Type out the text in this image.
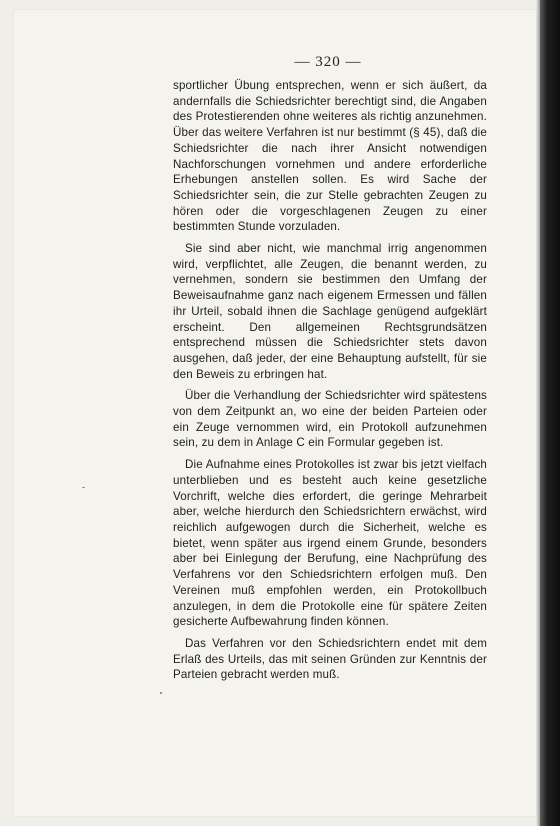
— 320 —

sportlicher Übung entsprechen, wenn er sich äußert, da andernfalls die Schiedsrichter berechtigt sind, die Angaben des Protestierenden ohne weiteres als richtig anzunehmen. Über das weitere Verfahren ist nur bestimmt (§ 45), daß die Schiedsrichter die nach ihrer Ansicht notwendigen Nachforschungen vornehmen und andere erforderliche Erhebungen anstellen sollen. Es wird Sache der Schiedsrichter sein, die zur Stelle gebrachten Zeugen zu hören oder die vorgeschlagenen Zeugen zu einer bestimmten Stunde vorzuladen.

Sie sind aber nicht, wie manchmal irrig angenommen wird, verpflichtet, alle Zeugen, die benannt werden, zu vernehmen, sondern sie bestimmen den Umfang der Beweisaufnahme ganz nach eigenem Ermessen und fällen ihr Urteil, sobald ihnen die Sachlage genügend aufgeklärt erscheint. Den allgemeinen Rechtsgrundsätzen entsprechend müssen die Schiedsrichter stets davon ausgehen, daß jeder, der eine Behauptung aufstellt, für sie den Beweis zu erbringen hat.

Über die Verhandlung der Schiedsrichter wird spätestens von dem Zeitpunkt an, wo eine der beiden Parteien oder ein Zeuge vernommen wird, ein Protokoll aufzunehmen sein, zu dem in Anlage C ein Formular gegeben ist.

Die Aufnahme eines Protokolles ist zwar bis jetzt vielfach unterblieben und es besteht auch keine gesetzliche Vorchrift, welche dies erfordert, die geringe Mehrarbeit aber, welche hierdurch den Schiedsrichtern erwächst, wird reichlich aufgewogen durch die Sicherheit, welche es bietet, wenn später aus irgend einem Grunde, besonders aber bei Einlegung der Berufung, eine Nachprüfung des Verfahrens vor den Schiedsrichtern erfolgen muß. Den Vereinen muß empfohlen werden, ein Protokollbuch anzulegen, in dem die Protokolle eine für spätere Zeiten gesicherte Aufbewahrung finden können.

Das Verfahren vor den Schiedsrichtern endet mit dem Erlaß des Urteils, das mit seinen Gründen zur Kenntnis der Parteien gebracht werden muß.
